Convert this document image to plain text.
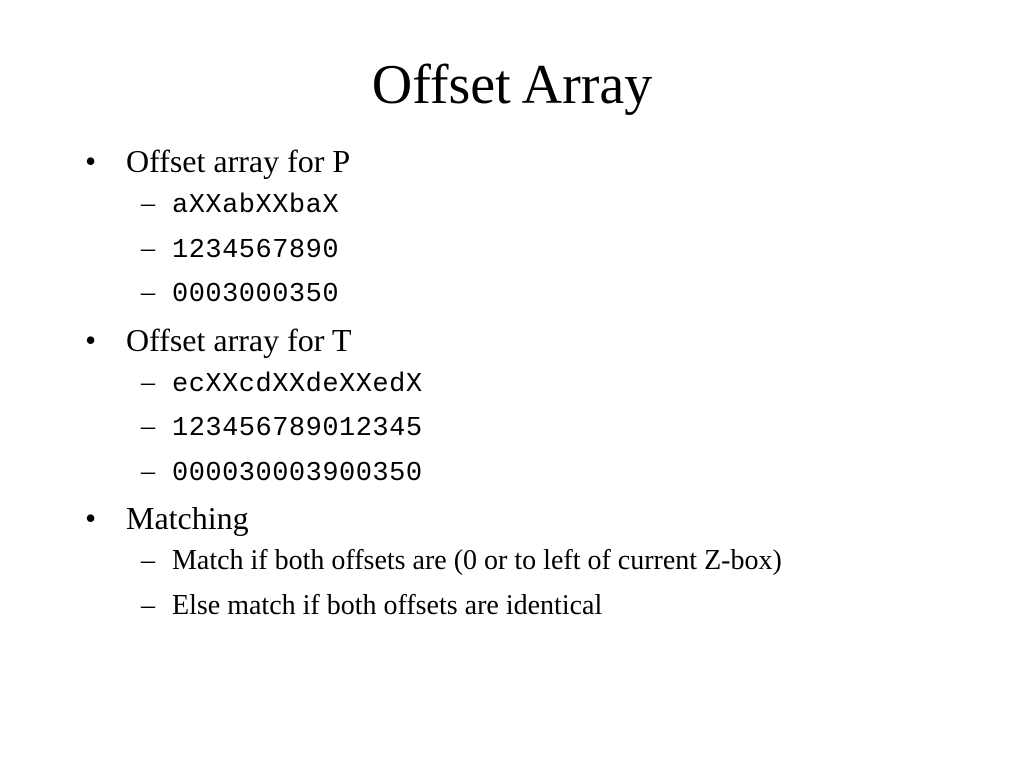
Offset Array
• Offset array for P
– aXXabXXbaX
– 1234567890
– 0003000350
• Offset array for T
– ecXXcdXXdeXXedX
– 123456789012345
– 000030003900350
• Matching
– Match if both offsets are (0 or to left of current Z-box)
– Else match if both offsets are identical
